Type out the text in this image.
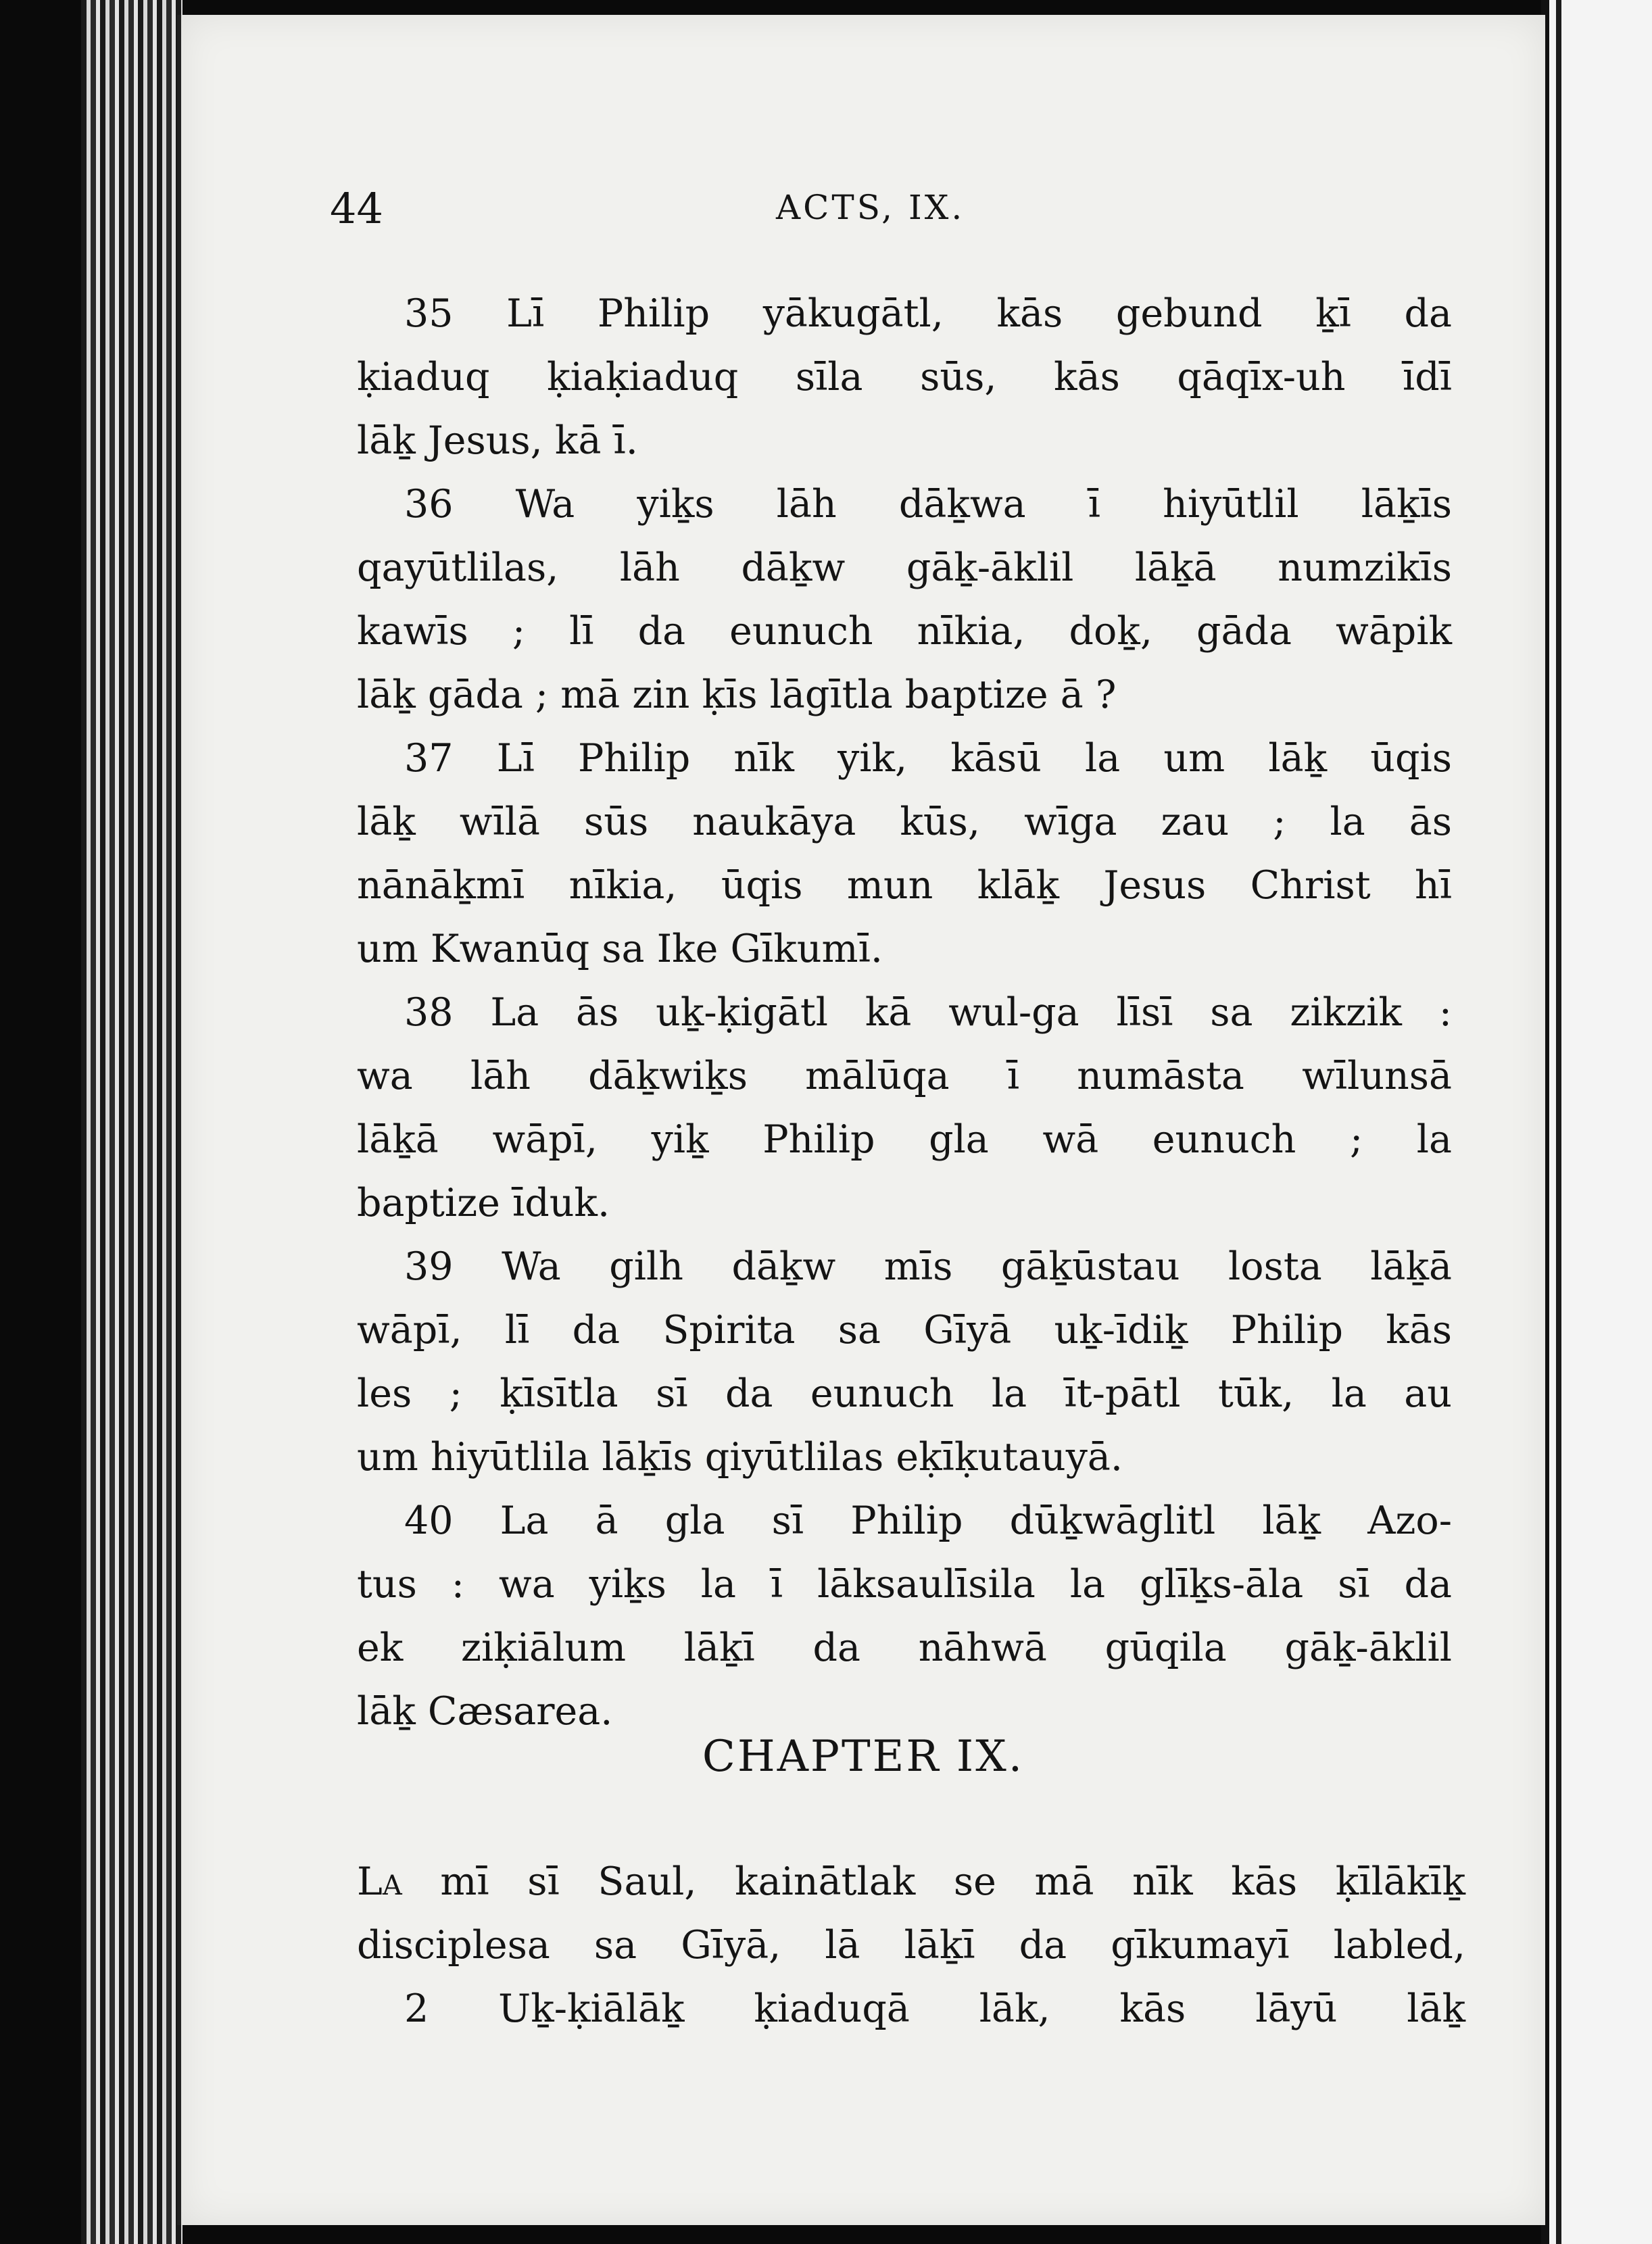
44	ACTS, IX.
35 Lī Philip yākugātl, kās gebund ḵī da
ḳiaduq ḳiaḳiaduq sīla sūs, kās qāqīx-uh īdī
lāḵ Jesus, kā ī.
36 Wa yiḵs lāh dāḵwa ī hiyūtlil lāḵīs
qayūtlilas, lāh dāḵw gāḵ-āklil lāḵā numzikīs
kawīs ; lī da eunuch nīkia, doḵ, gāda wāpik
lāḵ gāda ; mā zin ḳīs lāgītla baptize ā ?
37 Lī Philip nīk yik, kāsū la um lāḵ ūqis
lāḵ wīlā sūs naukāya kūs, wīga zau ; la ās
nānāḵmī nīkia, ūqis mun klāḵ Jesus Christ hī
um Kwanūq sa Ike Gīkumī.
38 La ās uḵ-ḳigātl kā wul-ga līsī sa zikzik :
wa lāh dāḵwiḵs mālūqa ī numāsta wīlunsā
lāḵā wāpī, yiḵ Philip gla wā eunuch ; la
baptize īduk.
39 Wa gilh dāḵw mīs gāḵūstau losta lāḵā
wāpī, lī da Spirita sa Gīyā uḵ-īdiḵ Philip kās
les ; ḳīsītla sī da eunuch la īt-pātl tūk, la au
um hiyūtlila lāḵīs qiyūtlilas eḳīḳutauyā.
40 La ā gla sī Philip dūḵwāglitl lāḵ Azo-
tus : wa yiḵs la ī lāksaulīsila la glīḵs-āla sī da
ek ziḳiālum lāḵī da nāhwā gūqila gāḵ-āklil
lāḵ Cæsarea.
CHAPTER IX.
La mī sī Saul, kainātlak se mā nīk kās ḳīlākīḵ
disciplesa sa Gīyā, lā lāḵī da gīkumayī labled,
2 Uḵ-ḳiālāḵ ḳiaduqā lāk, kās lāyū lāḵ
